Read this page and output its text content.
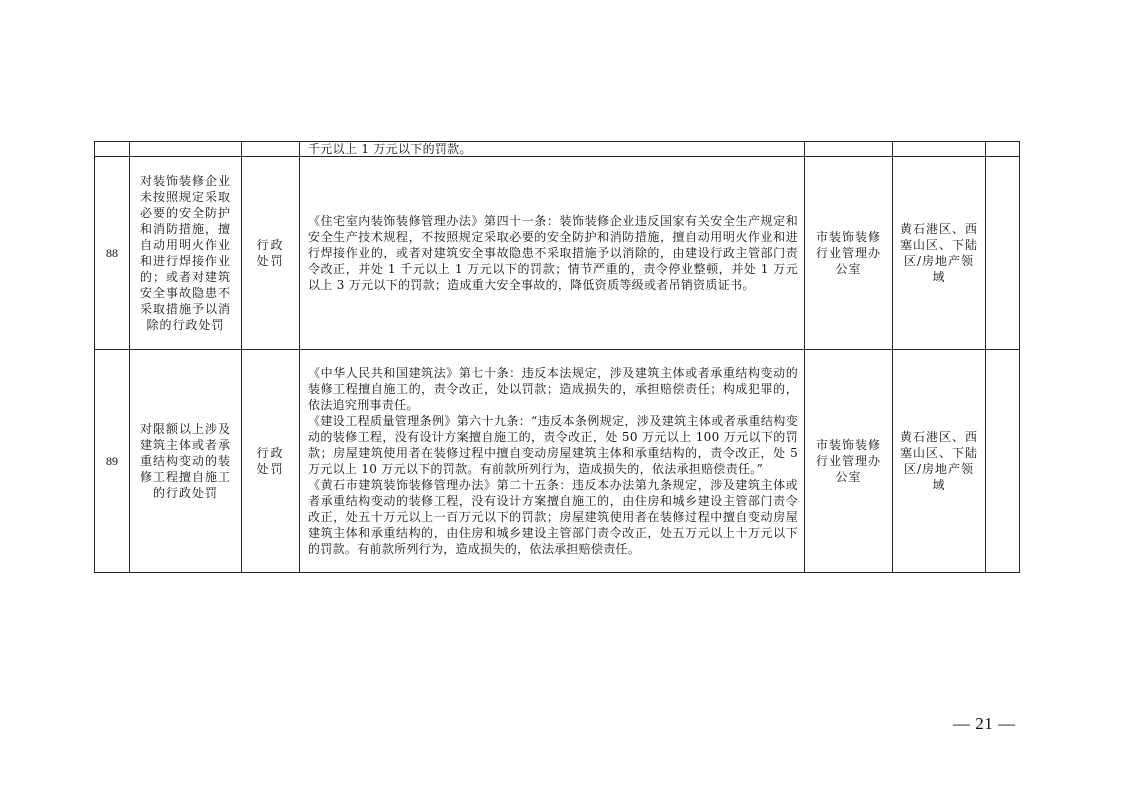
			千元以上 1 万元以下的罚款。			
88	对装饰装修企业未按照规定采取必要的安全防护和消防措施，擅自动用明火作业和进行焊接作业的；或者对建筑安全事故隐患不采取措施予以消除的行政处罚	行政处罚	《住宅室内装饰装修管理办法》第四十一条：装饰装修企业违反国家有关安全生产规定和安全生产技术规程，不按照规定采取必要的安全防护和消防措施，擅自动用明火作业和进行焊接作业的，或者对建筑安全事故隐患不采取措施予以消除的，由建设行政主管部门责令改正，并处 1 千元以上 1 万元以下的罚款；情节严重的，责令停业整顿，并处 1 万元以上 3 万元以下的罚款；造成重大安全事故的，降低资质等级或者吊销资质证书。	市装饰装修行业管理办公室	黄石港区、西塞山区、下陆区/房地产领域	
89	对限额以上涉及建筑主体或者承重结构变动的装修工程擅自施工的行政处罚	行政处罚	《中华人民共和国建筑法》第七十条：违反本法规定，涉及建筑主体或者承重结构变动的装修工程擅自施工的，责令改正，处以罚款；造成损失的，承担赔偿责任；构成犯罪的，依法追究刑事责任。

《建设工程质量管理条例》第六十九条：“违反本条例规定，涉及建筑主体或者承重结构变动的装修工程，没有设计方案擅自施工的，责令改正，处 50 万元以上 100 万元以下的罚款；房屋建筑使用者在装修过程中擅自变动房屋建筑主体和承重结构的，责令改正，处 5 万元以上 10 万元以下的罚款。有前款所列行为，造成损失的，依法承担赔偿责任。”

《黄石市建筑装饰装修管理办法》第二十五条：违反本办法第九条规定，涉及建筑主体或者承重结构变动的装修工程，没有设计方案擅自施工的，由住房和城乡建设主管部门责令改正，处五十万元以上一百万元以下的罚款；房屋建筑使用者在装修过程中擅自变动房屋建筑主体和承重结构的，由住房和城乡建设主管部门责令改正，处五万元以上十万元以下的罚款。有前款所列行为，造成损失的，依法承担赔偿责任。	市装饰装修行业管理办公室	黄石港区、西塞山区、下陆区/房地产领域	
— 21 —
